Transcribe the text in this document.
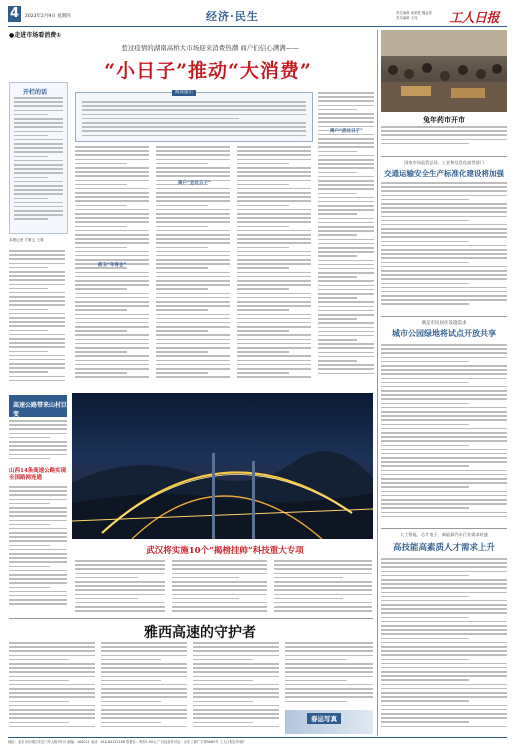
4	2023年2月9日 星期四	经济·民生	责任编辑 庞新胜 魏益豪
美术编辑 王伟 工人日报
●走进市场看消费①
惹过疫情的湖南高桥大市场迎来消费热潮 商户们信心满满——
“小日子”推动“大消费”
开栏的话
本报记者 方夏云 王晟
阅读提示
前卫“年宵会”
商户“会过日子”
商户“活过日子”
高速公路带来山村巨变
山西14条高速公路实现全国路网连通
武汉将实施10个“揭榜挂帅”科技重大专项
雅西高速的守护者
春运写真
兔年药市开市
国家市场监管总局、工业和信息化部等部门
交通运输安全生产标准化建设将加强
满足市民居住设施需求
城市公园绿地将试点开放共享
人工智能、芯片电子、新能源汽车行业需求旺盛
高技能高素质人才需求上升
地址：北京市东城区安定门外大街甲1号 邮编：100011 电话：010-84151188 零售价：每份1.50元 广告经营许可证：京东工商广字第0065号 工人日报社印刷厂
